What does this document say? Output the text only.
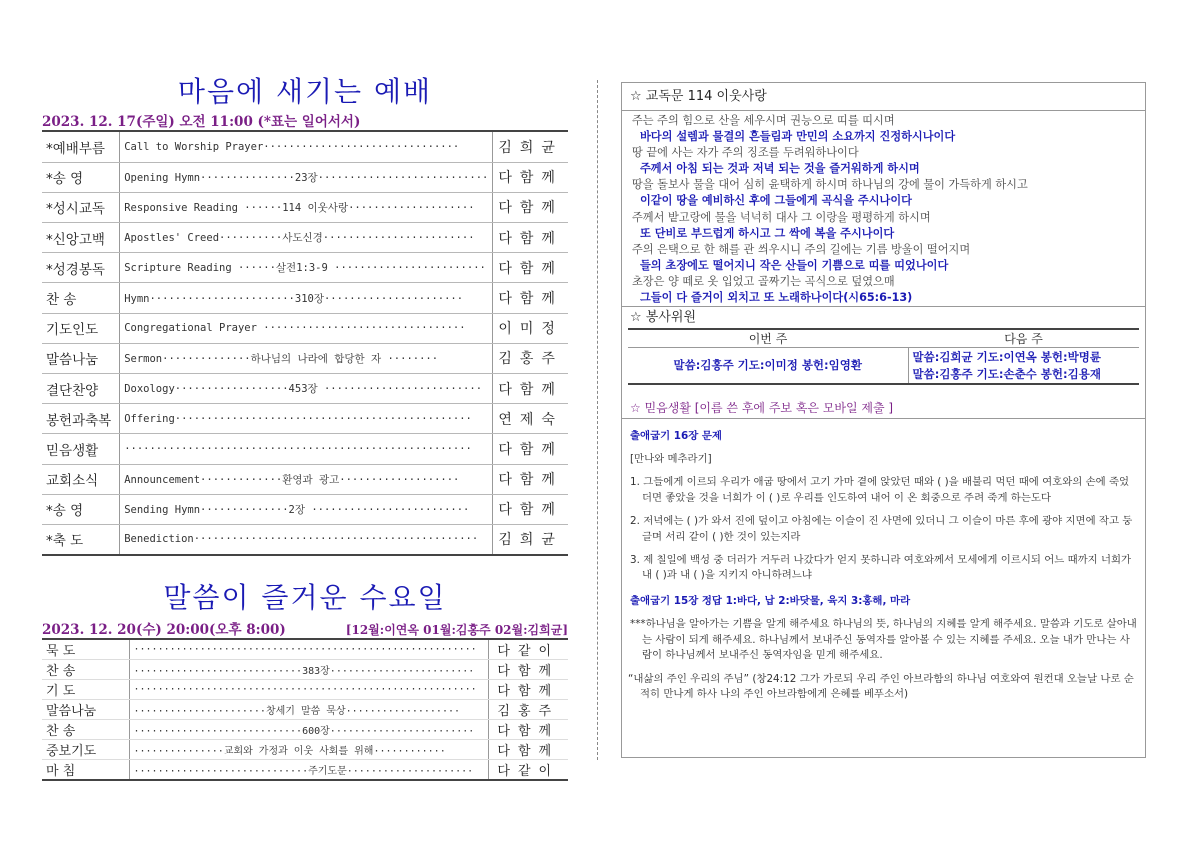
마음에 새기는 예배
2023. 12. 17(주일) 오전 11:00 (*표는 일어서서)
*예배부름	Call to Worship Prayer·······························	김희균
*송 영	Opening Hymn···············23장···························	다함께
*성시교독	Responsive Reading ······114 이웃사랑····················	다함께
*신앙고백	Apostles' Creed··········사도신경························	다함께
*성경봉독	Scripture Reading ······살전1:3-9 ························	다함께
찬 송	Hymn·······················310장······················	다함께
기도인도	Congregational Prayer ································	이미정
말씀나눔	Sermon··············하나님의 나라에 합당한 자 ········	김홍주
결단찬양	Doxology··················453장 ·························	다함께
봉헌과축복	Offering···············································	연제숙
믿음생활	·······················································	다함께
교회소식	Announcement·············환영과 광고···················	다함께
*송 영	Sending Hymn··············2장 ·························	다함께
*축 도	Benediction·············································	김희균
말씀이 즐거운 수요일
2023. 12. 20(수) 20:00(오후 8:00)	[12월:이연옥 01월:김홍주 02월:김희균]
묵 도	·························································	다같이
찬 송	····························383장························	다함께
기 도	·························································	다함께
말씀나눔	······················창세기 말씀 묵상···················	김홍주
찬 송	····························600장························	다함께
중보기도	···············교회와 가정과 이웃 사회를 위해············	다함께
마 침	·····························주기도문·····················	다같이
☆ 교독문 114 이웃사랑
주는 주의 힘으로 산을 세우시며 권능으로 띠를 띠시며
바다의 설렘과 물결의 흔들림과 만민의 소요까지 진정하시나이다
땅 끝에 사는 자가 주의 징조를 두려워하나이다
주께서 아침 되는 것과 저녁 되는 것을 즐거워하게 하시며
땅을 돌보사 물을 대어 심히 윤택하게 하시며 하나님의 강에 물이 가득하게 하시고
이같이 땅을 예비하신 후에 그들에게 곡식을 주시나이다
주께서 밭고랑에 물을 넉넉히 대사 그 이랑을 평평하게 하시며
또 단비로 부드럽게 하시고 그 싹에 복을 주시나이다
주의 은택으로 한 해를 관 씌우시니 주의 길에는 기름 방울이 떨어지며
들의 초장에도 떨어지니 작은 산들이 기쁨으로 띠를 띠었나이다
초장은 양 떼로 옷 입었고 골짜기는 곡식으로 덮였으매
그들이 다 즐거이 외치고 또 노래하나이다(시65:6-13)
☆ 봉사위원
이번 주	다음 주
말씀:김홍주 기도:이미정 봉헌:임영환	말씀:김희균 기도:이연옥 봉헌:박명륜
	말씀:김홍주 기도:손춘수 봉헌:김용재
☆ 믿음생활 [이름 쓴 후에 주보 혹은 모바일 제출 ]
출애굽기 16장 문제

[만나와 메추라기]

1. 그들에게 이르되 우리가 애굽 땅에서 고기 가마 곁에 앉았던 때와 ( )을 배불리 먹던 때에 여호와의 손에 죽었더면 좋았을 것을 너희가 이 ( )로 우리를 인도하여 내어 이 온 회중으로 주려 죽게 하는도다
2. 저녁에는 ( )가 와서 진에 덮이고 아침에는 이슬이 진 사면에 있더니 그 이슬이 마른 후에 광야 지면에 작고 둥글며 서리 같이 ( )한 것이 있는지라
3. 제 칠일에 백성 중 더러가 거두러 나갔다가 얻지 못하니라 여호와께서 모세에게 이르시되 어느 때까지 너희가 내 ( )과 내 ( )을 지키지 아니하려느냐
출애굽기 15장 정답 1:바다, 납 2:바닷물, 육지 3:홍해, 마라
***하나님을 알아가는 기쁨을 알게 해주세요 하나님의 뜻, 하나님의 지혜를 알게 해주세요. 말씀과 기도로 살아내는 사람이 되게 해주세요. 하나님께서 보내주신 동역자를 알아볼 수 있는 지혜를 주세요. 오늘 내가 만나는 사람이 하나님께서 보내주신 동역자임을 믿게 해주세요.
“내삶의 주인 우리의 주님” (창24:12 그가 가로되 우리 주인 아브라함의 하나님 여호와여 원컨대 오늘날 나로 순적히 만나게 하사 나의 주인 아브라함에게 은혜를 베푸소서)
